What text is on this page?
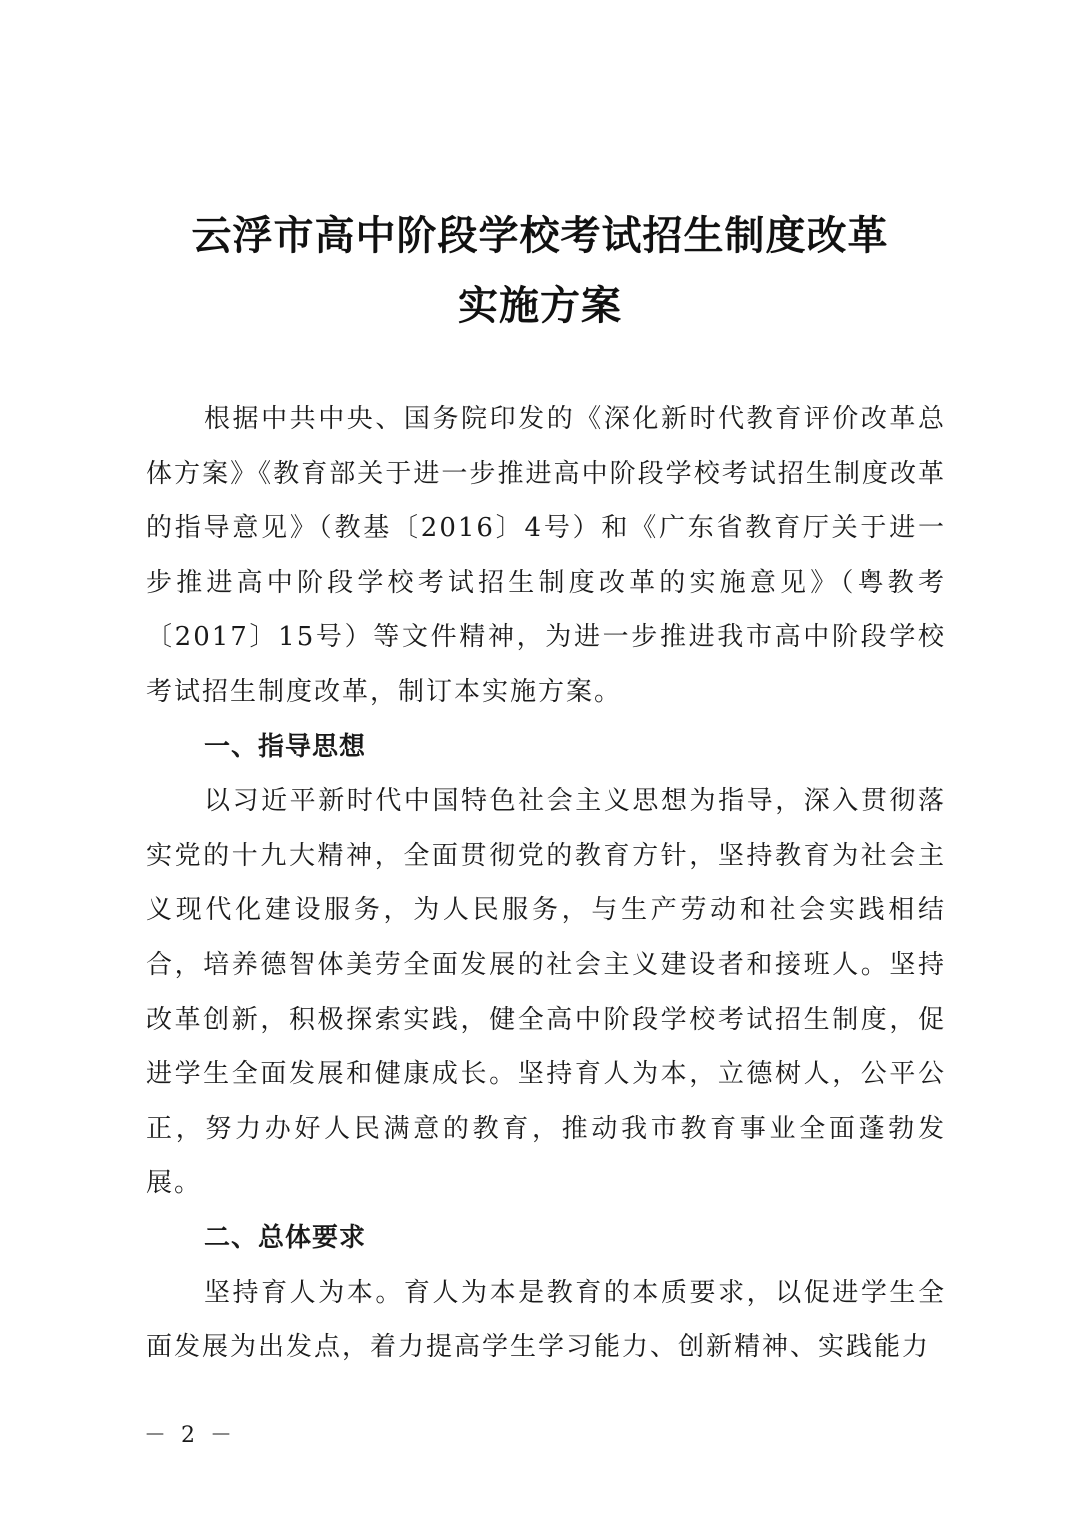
云浮市高中阶段学校考试招生制度改革
实施方案

根据中共中央、国务院印发的《深化新时代教育评价改革总体方案》《教育部关于进一步推进高中阶段学校考试招生制度改革的指导意见》（教基〔2016〕4号）和《广东省教育厅关于进一步推进高中阶段学校考试招生制度改革的实施意见》（粤教考〔2017〕15号）等文件精神，为进一步推进我市高中阶段学校考试招生制度改革，制订本实施方案。

一、指导思想

以习近平新时代中国特色社会主义思想为指导，深入贯彻落实党的十九大精神，全面贯彻党的教育方针，坚持教育为社会主义现代化建设服务，为人民服务，与生产劳动和社会实践相结合，培养德智体美劳全面发展的社会主义建设者和接班人。坚持改革创新，积极探索实践，健全高中阶段学校考试招生制度，促进学生全面发展和健康成长。坚持育人为本，立德树人，公平公正，努力办好人民满意的教育，推动我市教育事业全面蓬勃发展。

二、总体要求

坚持育人为本。育人为本是教育的本质要求，以促进学生全面发展为出发点，着力提高学生学习能力、创新精神、实践能力

－ 2 －
